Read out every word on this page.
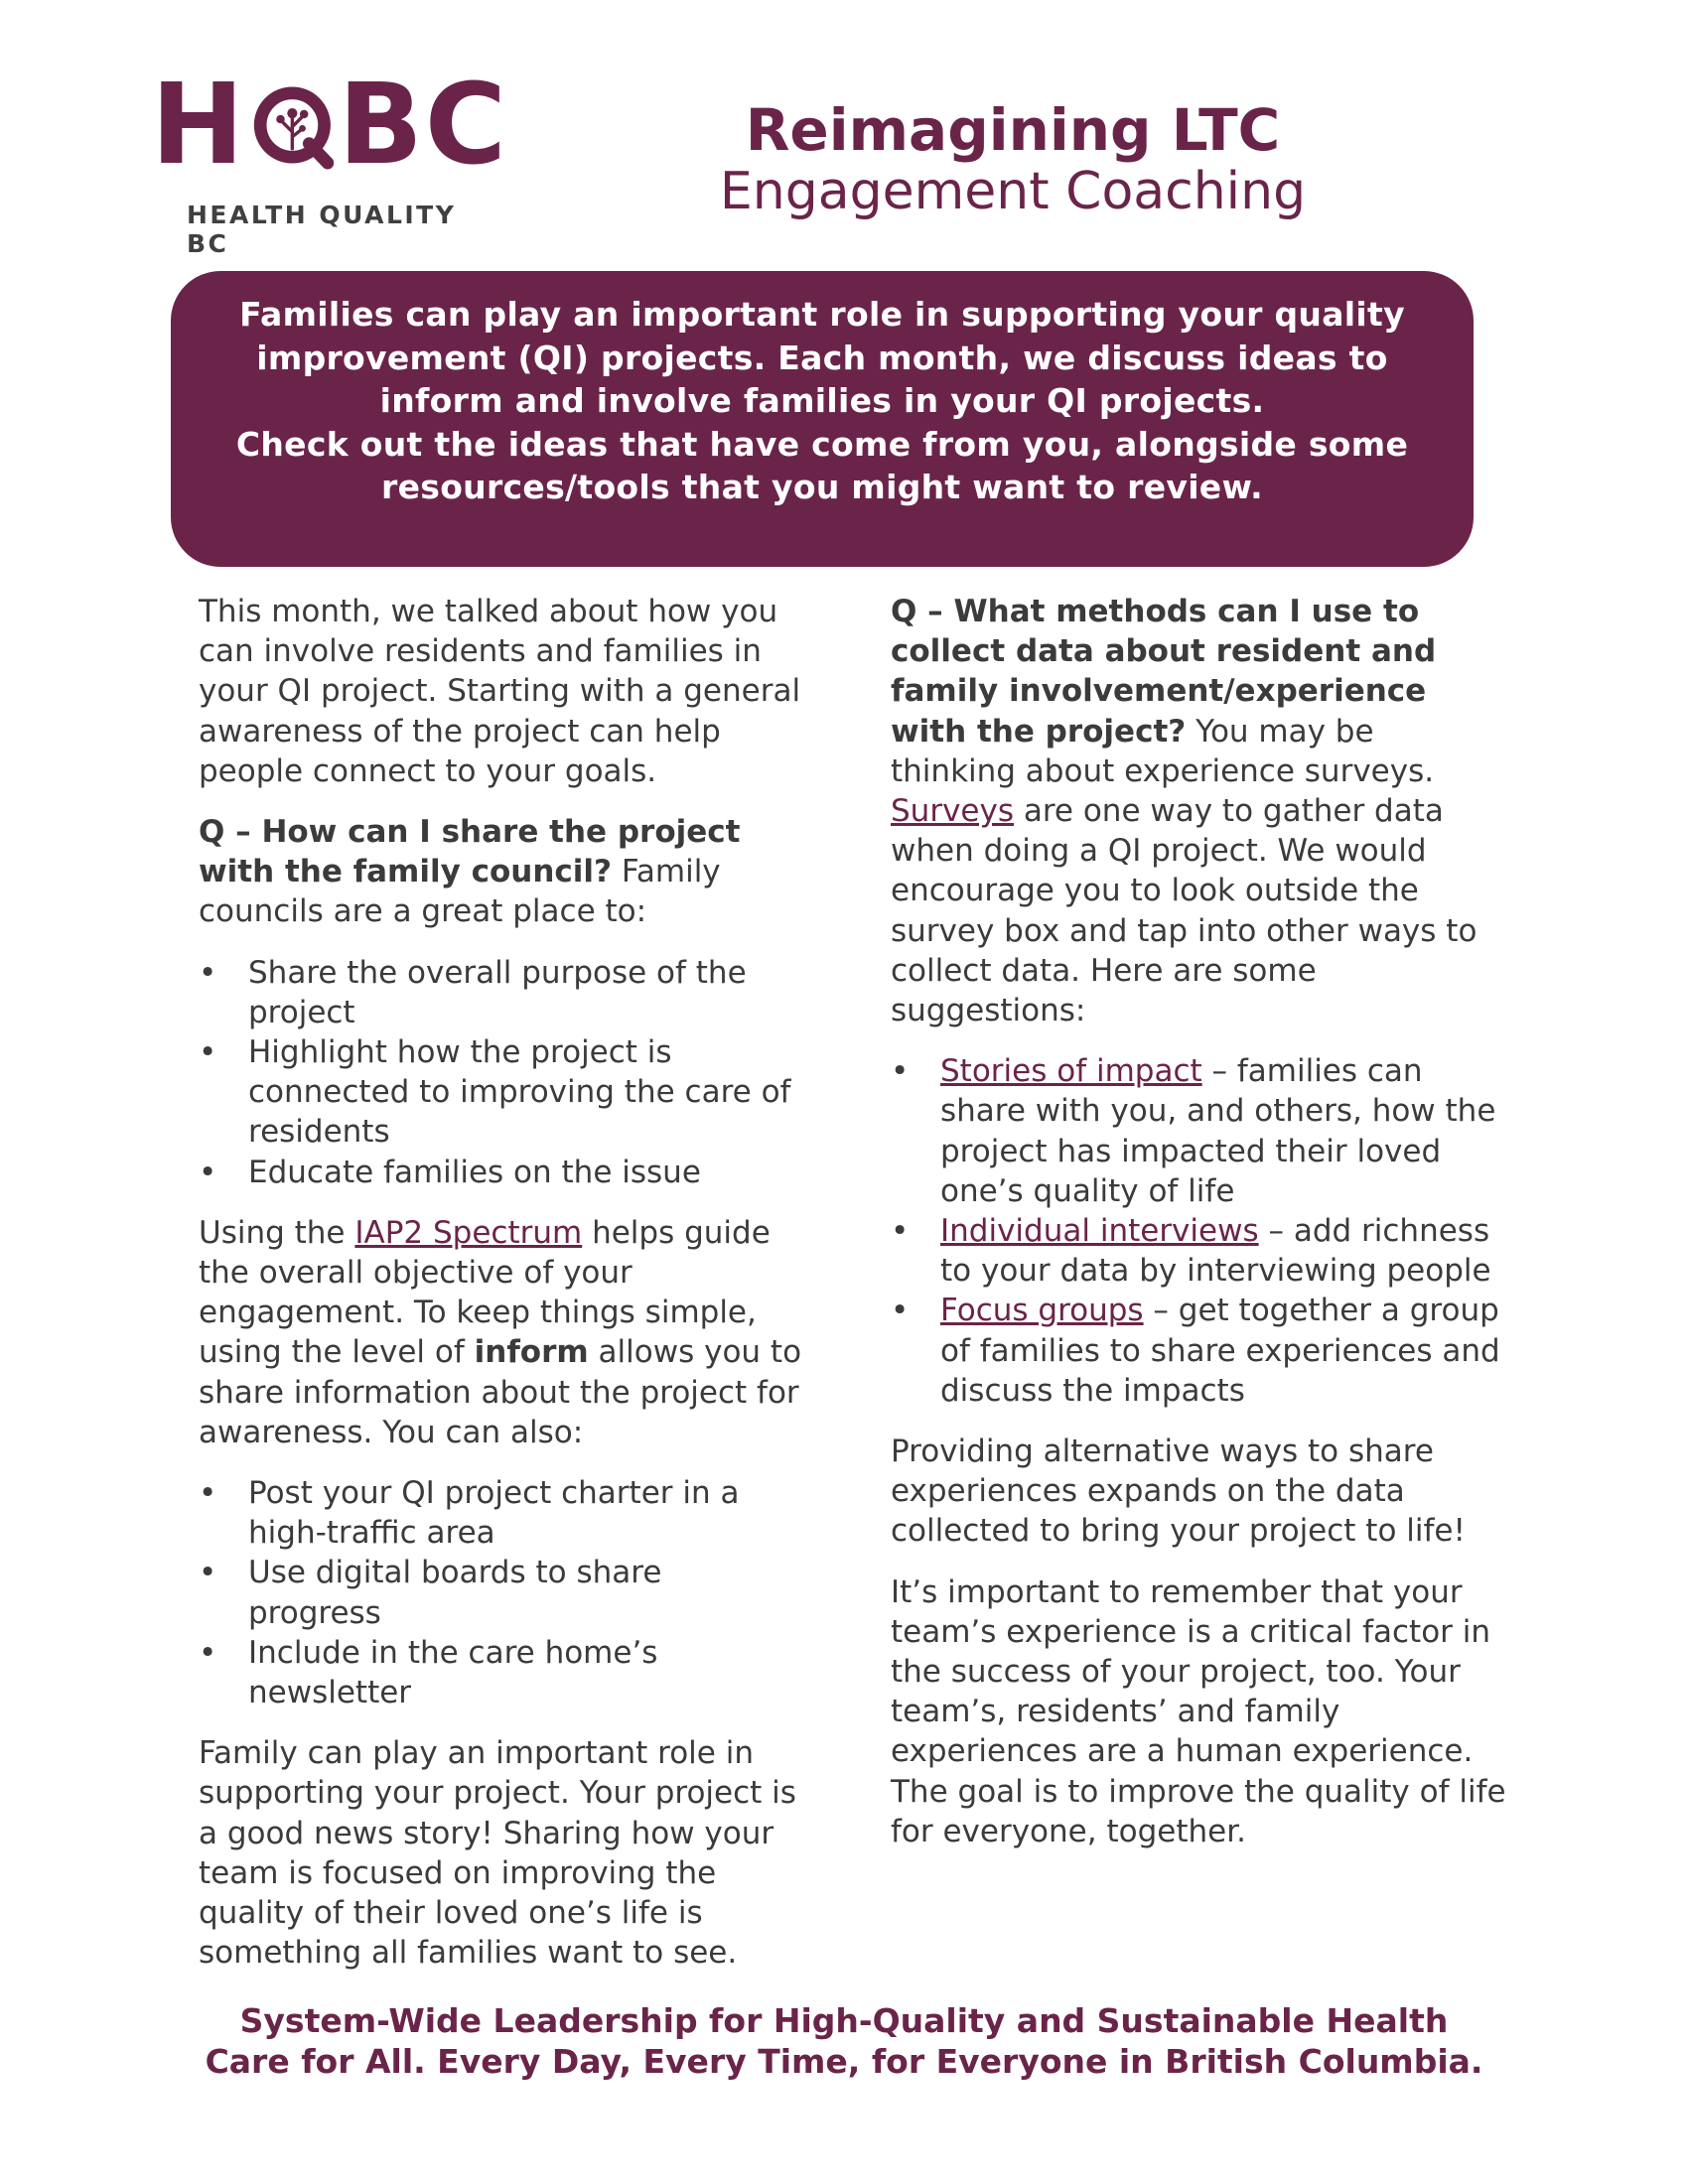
H BC
HEALTH QUALITY BC
Reimagining LTC
Engagement Coaching
Families can play an important role in supporting your quality
improvement (QI) projects. Each month, we discuss ideas to
inform and involve families in your QI projects.
Check out the ideas that have come from you, alongside some
resources/tools that you might want to review.

This month, we talked about how you can involve residents and families in your QI project. Starting with a general awareness of the project can help people connect to your goals.

Q – How can I share the project with the family council? Family councils are a great place to:

• Share the overall purpose of the project
• Highlight how the project is connected to improving the care of residents
• Educate families on the issue

Using the IAP2 Spectrum helps guide the overall objective of your engagement. To keep things simple, using the level of inform allows you to share information about the project for awareness. You can also:

• Post your QI project charter in a high-traffic area
• Use digital boards to share progress
• Include in the care home’s newsletter

Family can play an important role in supporting your project. Your project is a good news story! Sharing how your team is focused on improving the quality of their loved one’s life is something all families want to see.

Q – What methods can I use to collect data about resident and family involvement/experience with the project? You may be thinking about experience surveys. Surveys are one way to gather data when doing a QI project. We would encourage you to look outside the survey box and tap into other ways to collect data. Here are some suggestions:

• Stories of impact – families can share with you, and others, how the project has impacted their loved one’s quality of life
• Individual interviews – add richness to your data by interviewing people
• Focus groups – get together a group of families to share experiences and discuss the impacts

Providing alternative ways to share experiences expands on the data collected to bring your project to life!

It’s important to remember that your team’s experience is a critical factor in the success of your project, too. Your team’s, residents’ and family experiences are a human experience. The goal is to improve the quality of life for everyone, together.

System-Wide Leadership for High-Quality and Sustainable Health
Care for All. Every Day, Every Time, for Everyone in British Columbia.
